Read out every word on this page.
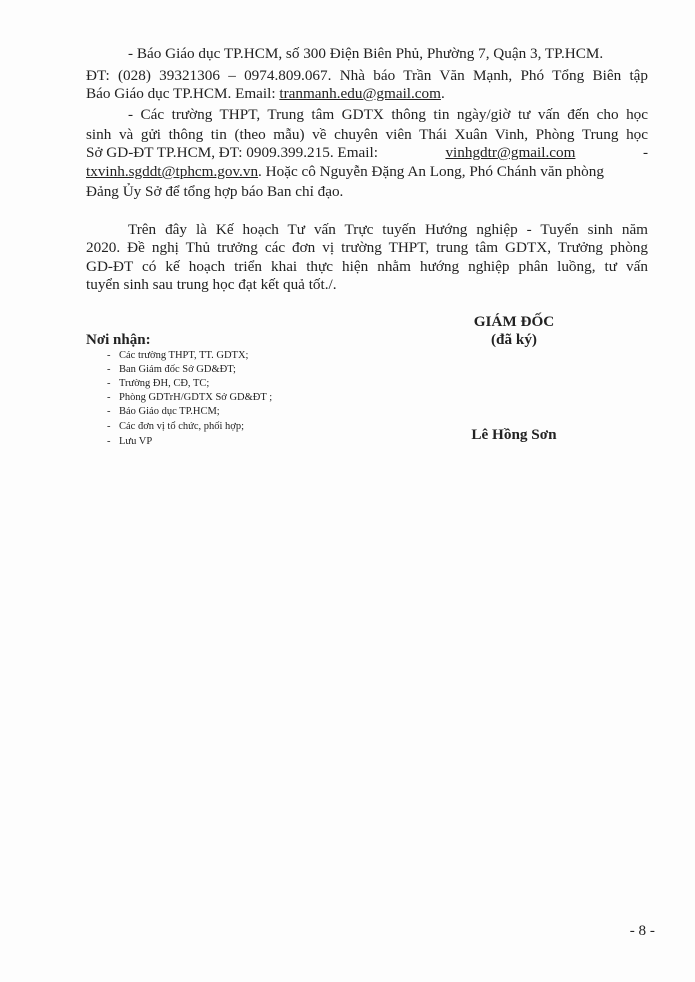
- Báo Giáo dục TP.HCM, số 300 Điện Biên Phủ, Phường 7, Quận 3, TP.HCM.
ĐT: (028) 39321306 – 0974.809.067. Nhà báo Trần Văn Mạnh, Phó Tổng Biên tập
Báo Giáo dục TP.HCM. Email: tranmanh.edu@gmail.com.
- Các trường THPT, Trung tâm GDTX thông tin ngày/giờ tư vấn đến cho học
sinh và gửi thông tin (theo mẫu) về chuyên viên Thái Xuân Vinh, Phòng Trung học
Sở GD-ĐT TP.HCM, ĐT: 0909.399.215. Email:	vinhgdtr@gmail.com	-
txvinh.sgddt@tphcm.gov.vn. Hoặc cô Nguyễn Đặng An Long, Phó Chánh văn phòng
Đảng Ủy Sở để tổng hợp báo Ban chỉ đạo.
Trên đây là Kế hoạch Tư vấn Trực tuyến Hướng nghiệp - Tuyển sinh năm
2020. Đề nghị Thủ trưởng các đơn vị trường THPT, trung tâm GDTX, Trưởng phòng
GD-ĐT có kế hoạch triển khai thực hiện nhằm hướng nghiệp phân luồng, tư vấn
tuyển sinh sau trung học đạt kết quả tốt./.
GIÁM ĐỐC
(đã ký)
Lê Hồng Sơn
Nơi nhận:
- Các trường THPT, TT. GDTX;
- Ban Giám đốc Sở GD&ĐT;
- Trường ĐH, CĐ, TC;
- Phòng GDTrH/GDTX Sở GD&ĐT ;
- Báo Giáo dục TP.HCM;
- Các đơn vị tổ chức, phối hợp;
- Lưu VP
- 8 -
